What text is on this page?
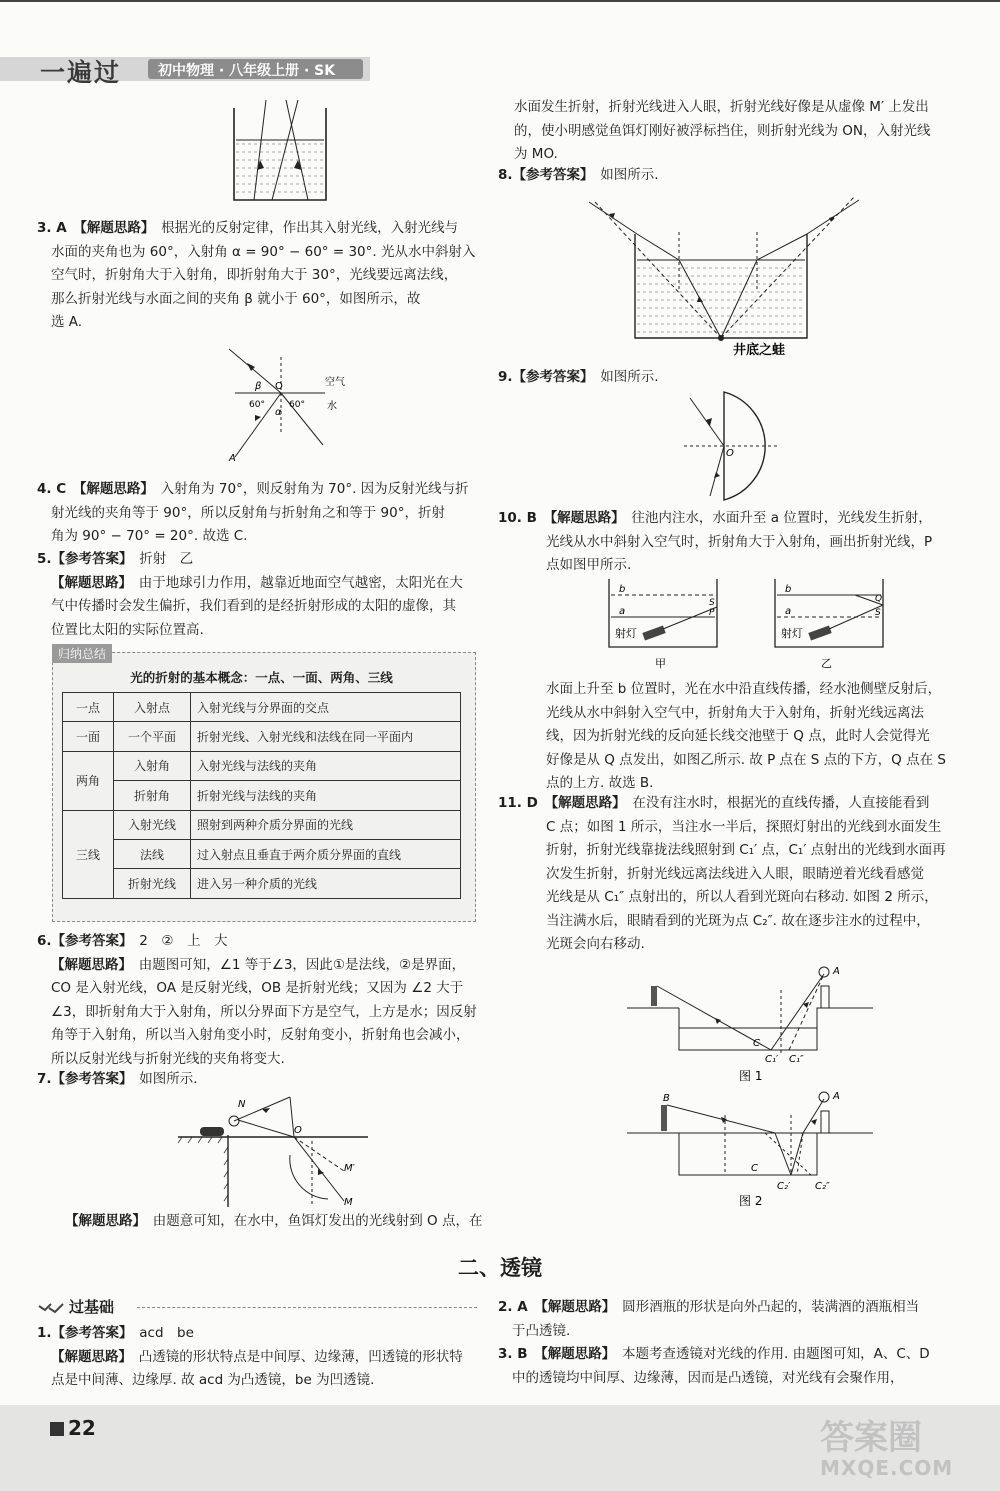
一遍过	初中物理 · 八年级上册 · SK
3. A　 【解题思路】　 根据光的反射定律，作出其入射光线，入射光线与
水面的夹角也为 60°，入射角 α = 90° − 60° = 30°. 光从水中斜射入
空气时，折射角大于入射角，即折射角大于 30°，光线要远离法线，
那么折射光线与水面之间的夹角 β 就小于 60°，如图所示，故
选 A.
O
β
α
60°	60°
空气
水
A
4. C　 【解题思路】　 入射角为 70°，则反射角为 70°. 因为反射光线与折
射光线的夹角等于 90°，所以反射角与折射角之和等于 90°，折射
角为 90° − 70° = 20°. 故选 C.
5.【参考答案】　 折射　乙
【解题思路】　 由于地球引力作用，越靠近地面空气越密，太阳光在大
气中传播时会发生偏折，我们看到的是经折射形成的太阳的虚像，其
位置比太阳的实际位置高.
归纳总结
光的折射的基本概念：一点、一面、两角、三线
一点	入射点	入射光线与分界面的交点
一面	一个平面	折射光线、入射光线和法线在同一平面内
两角	入射角	入射光线与法线的夹角
	折射角	折射光线与法线的夹角
三线	入射光线	照射到两种介质分界面的光线
	法线	过入射点且垂直于两介质分界面的直线
	折射光线	进入另一种介质的光线
6.【参考答案】　 2　②　上　大
【解题思路】　 由题图可知，∠1 等于∠3，因此①是法线，②是界面，
CO 是入射光线，OA 是反射光线，OB 是折射光线；又因为 ∠2 大于
∠3，即折射角大于入射角，所以分界面下方是空气，上方是水；因反射
角等于入射角，所以当入射角变小时，反射角变小，折射角也会减小，
所以反射光线与折射光线的夹角将变大.
7.【参考答案】　 如图所示.
N
O
M′
M
【解题思路】　 由题意可知，在水中，鱼饵灯发出的光线射到 O 点，在
水面发生折射，折射光线进入人眼，折射光线好像是从虚像 M′ 上发出
的，使小明感觉鱼饵灯刚好被浮标挡住，则折射光线为 ON，入射光线
为 MO.
8.【参考答案】　 如图所示.
井底之蛙
9.【参考答案】　 如图所示.
O
10. B　 【解题思路】　 往池内注水，水面升至 a 位置时，光线发生折射，
光线从水中斜射入空气时，折射角大于入射角，画出折射光线，P
点如图甲所示.
b
a
S
P
射灯
甲
b
a
Q
S
射灯
乙
水面上升至 b 位置时，光在水中沿直线传播，经水池侧壁反射后，
光线从水中斜射入空气中，折射角大于入射角，折射光线远离法
线，因为折射光线的反向延长线交池壁于 Q 点，此时人会觉得光
好像是从 Q 点发出，如图乙所示. 故 P 点在 S 点的下方，Q 点在 S
点的上方. 故选 B.
11. D　 【解题思路】　 在没有注水时，根据光的直线传播，人直接能看到
C 点；如图 1 所示，当注水一半后，探照灯射出的光线到水面发生
折射，折射光线靠拢法线照射到 C₁′ 点，C₁′ 点射出的光线到水面再
次发生折射，折射光线远离法线进入人眼，眼睛逆着光线看感觉
光线是从 C₁″ 点射出的，所以人看到光斑向右移动. 如图 2 所示，
当注满水后，眼睛看到的光斑为点 C₂″. 故在逐步注水的过程中，
光斑会向右移动.
A
C
C₁′ C₁″
图 1
B	A
C
C₂′ C₂″
图 2
二、透镜
过基础
1.【参考答案】　 acd　be
【解题思路】　 凸透镜的形状特点是中间厚、边缘薄，凹透镜的形状特
点是中间薄、边缘厚. 故 acd 为凸透镜，be 为凹透镜.
2. A　 【解题思路】　 圆形酒瓶的形状是向外凸起的，装满酒的酒瓶相当
于凸透镜.
3. B　 【解题思路】　 本题考查透镜对光线的作用. 由题图可知，A、C、D
中的透镜均中间厚、边缘薄，因而是凸透镜，对光线有会聚作用，
22	答案圈
MXQE.COM
